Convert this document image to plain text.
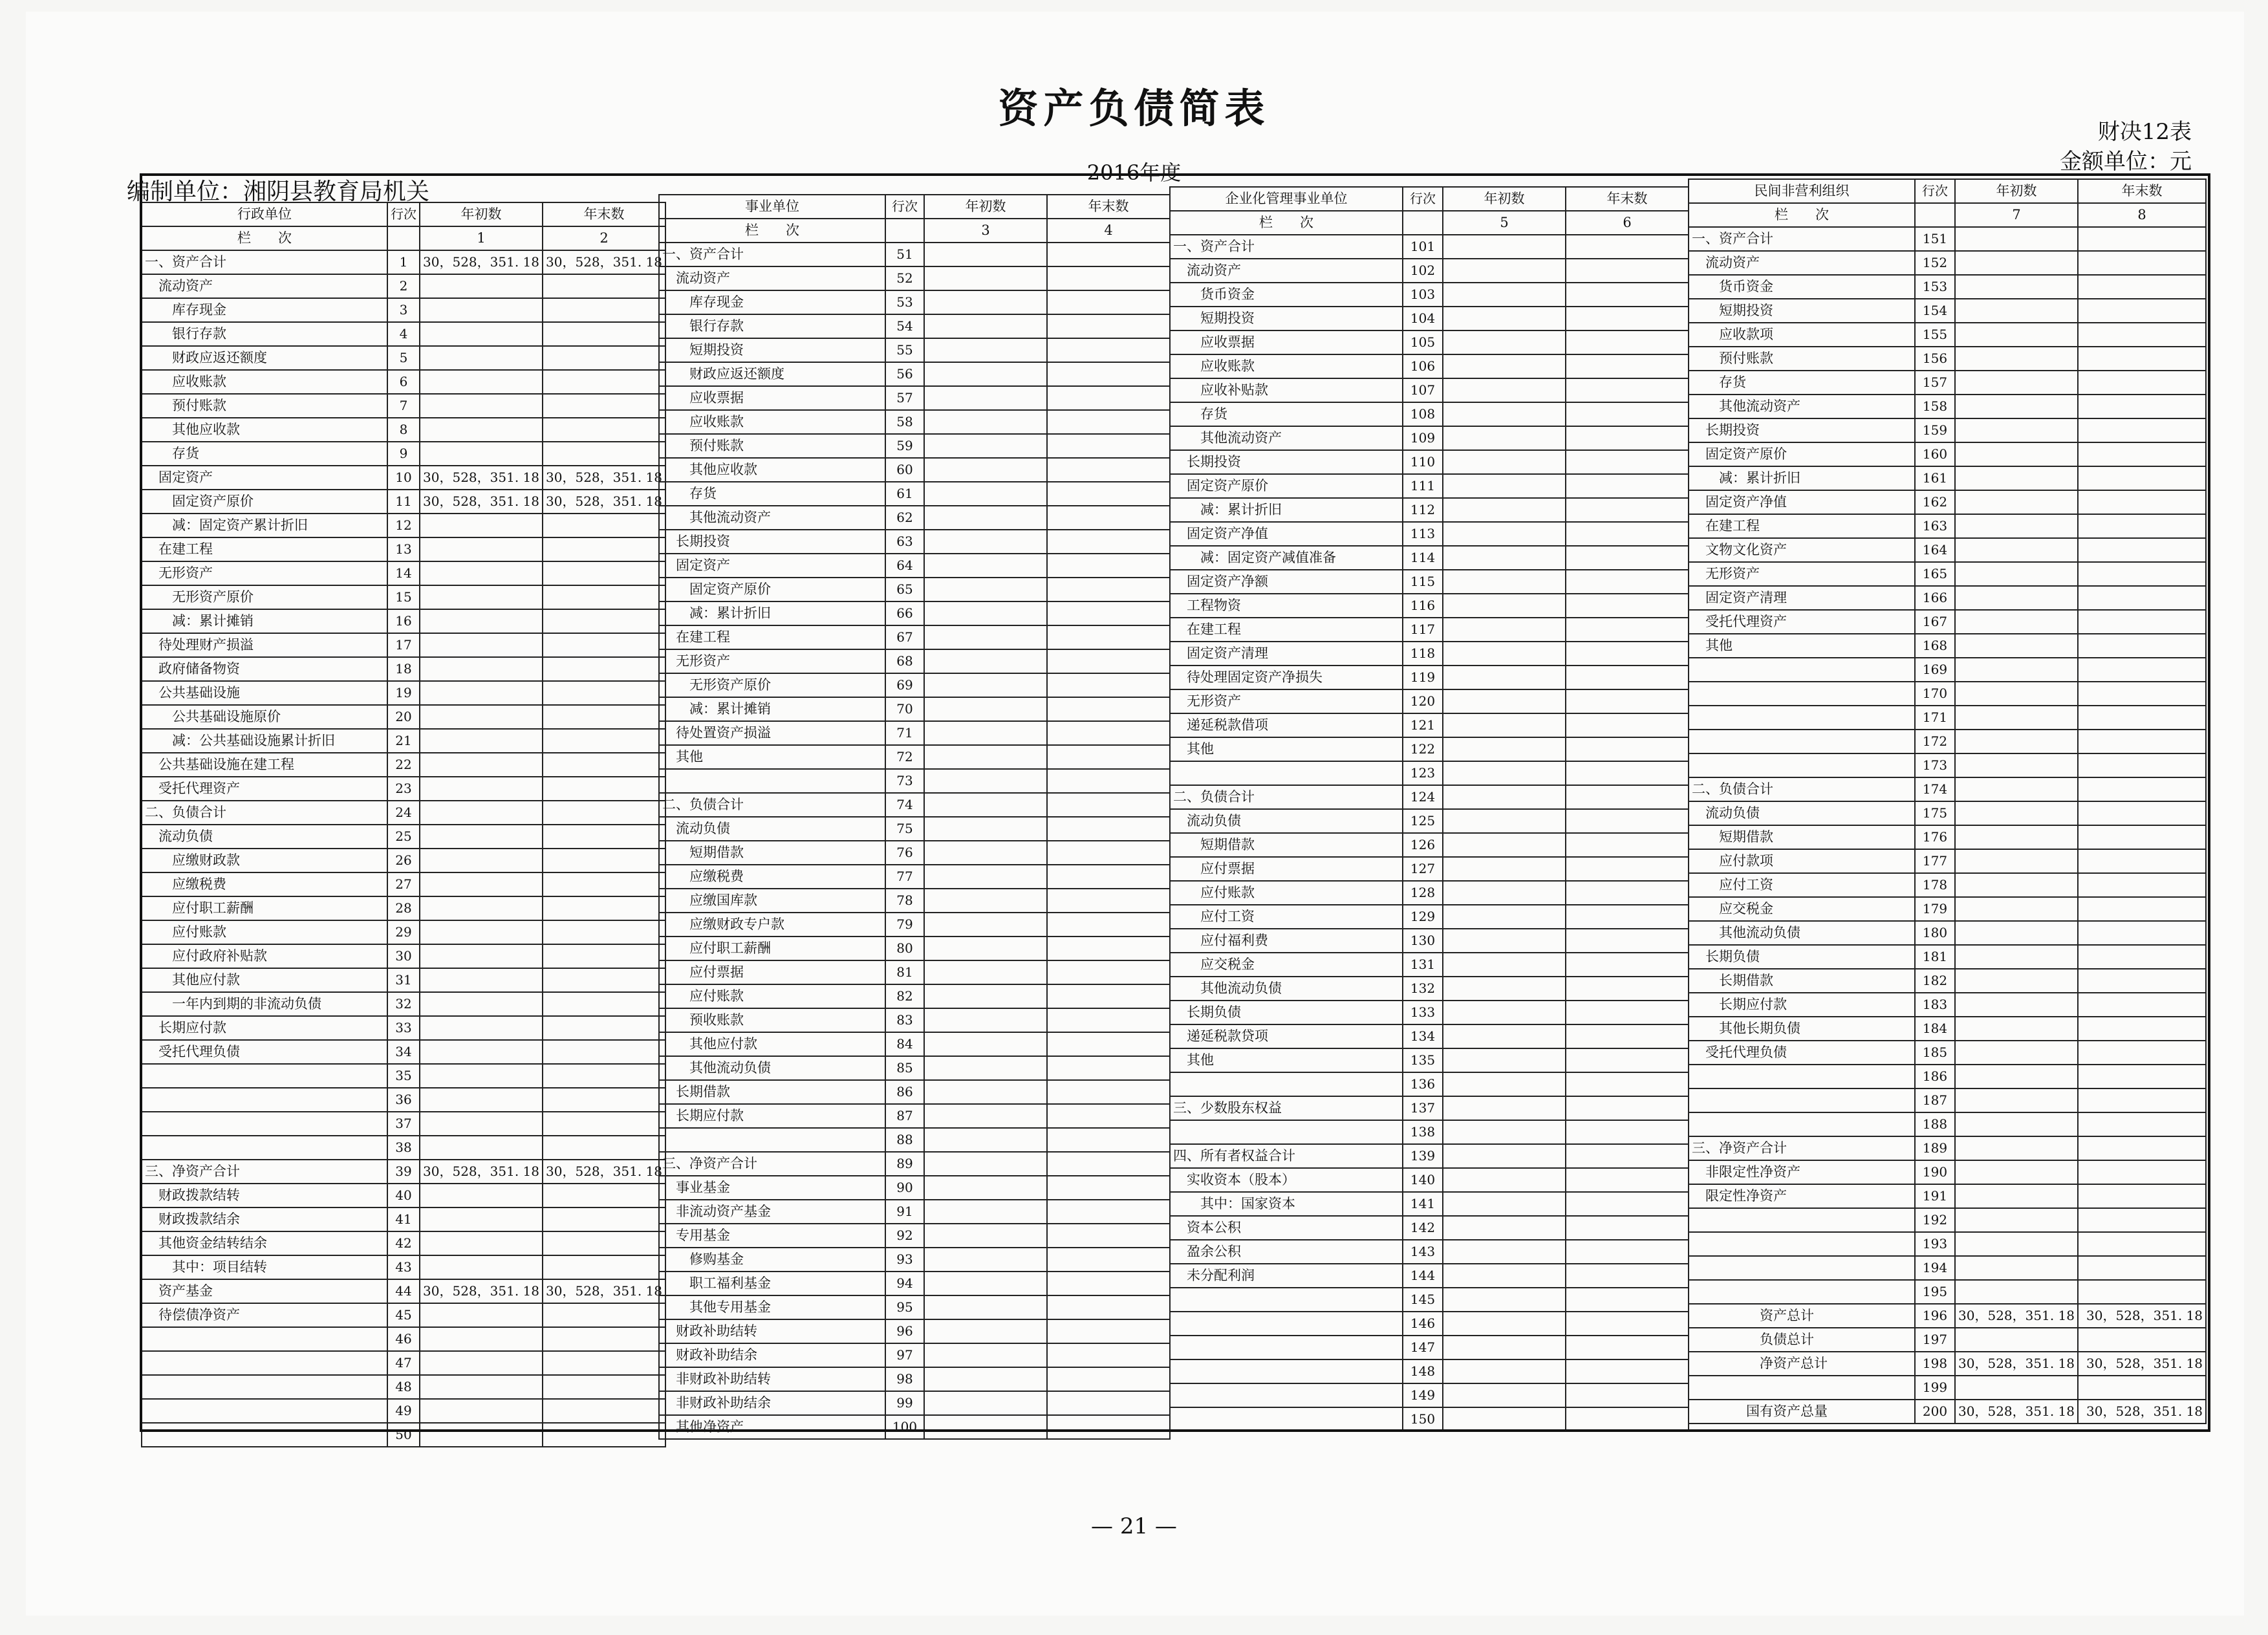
资产负债简表	财决12表
金额单位：元
2016年度
编制单位：湘阴县教育局机关
行政单位	行次	年初数	年末数
栏　　次		1	2
一、资产合计	1	30，528，351. 18	30，528，351. 18
　流动资产	2		
　　库存现金	3		
　　银行存款	4		
　　财政应返还额度	5		
　　应收账款	6		
　　预付账款	7		
　　其他应收款	8		
　　存货	9		
　固定资产	10	30，528，351. 18	30，528，351. 18
　　固定资产原价	11	30，528，351. 18	30，528，351. 18
　　减：固定资产累计折旧	12		
　在建工程	13		
　无形资产	14		
　　无形资产原价	15		
　　减：累计摊销	16		
　待处理财产损溢	17		
　政府储备物资	18		
　公共基础设施	19		
　　公共基础设施原价	20		
　　减：公共基础设施累计折旧	21		
　公共基础设施在建工程	22		
　受托代理资产	23		
二、负债合计	24		
　流动负债	25		
　　应缴财政款	26		
　　应缴税费	27		
　　应付职工薪酬	28		
　　应付账款	29		
　　应付政府补贴款	30		
　　其他应付款	31		
　　一年内到期的非流动负债	32		
　长期应付款	33		
　受托代理负债	34		
	35		
	36		
	37		
	38		
三、净资产合计	39	30，528，351. 18	30，528，351. 18
　财政拨款结转	40		
　财政拨款结余	41		
　其他资金结转结余	42		
　　其中：项目结转	43		
　资产基金	44	30，528，351. 18	30，528，351. 18
　待偿债净资产	45		
	46		
	47		
	48		
	49		
	50		
事业单位	行次	年初数	年末数
栏　　次		3	4
一、资产合计	51		
　流动资产	52		
　　库存现金	53		
　　银行存款	54		
　　短期投资	55		
　　财政应返还额度	56		
　　应收票据	57		
　　应收账款	58		
　　预付账款	59		
　　其他应收款	60		
　　存货	61		
　　其他流动资产	62		
　长期投资	63		
　固定资产	64		
　　固定资产原价	65		
　　减：累计折旧	66		
　在建工程	67		
　无形资产	68		
　　无形资产原价	69		
　　减：累计摊销	70		
　待处置资产损溢	71		
　其他	72		
	73		
二、负债合计	74		
　流动负债	75		
　　短期借款	76		
　　应缴税费	77		
　　应缴国库款	78		
　　应缴财政专户款	79		
　　应付职工薪酬	80		
　　应付票据	81		
　　应付账款	82		
　　预收账款	83		
　　其他应付款	84		
　　其他流动负债	85		
　长期借款	86		
　长期应付款	87		
	88		
三、净资产合计	89		
　事业基金	90		
　非流动资产基金	91		
　专用基金	92		
　　修购基金	93		
　　职工福利基金	94		
　　其他专用基金	95		
　财政补助结转	96		
　财政补助结余	97		
　非财政补助结转	98		
　非财政补助结余	99		
　其他净资产	100		
企业化管理事业单位	行次	年初数	年末数
栏　　次		5	6
一、资产合计	101		
　流动资产	102		
　　货币资金	103		
　　短期投资	104		
　　应收票据	105		
　　应收账款	106		
　　应收补贴款	107		
　　存货	108		
　　其他流动资产	109		
　长期投资	110		
　固定资产原价	111		
　　减：累计折旧	112		
　固定资产净值	113		
　　减：固定资产减值准备	114		
　固定资产净额	115		
　工程物资	116		
　在建工程	117		
　固定资产清理	118		
　待处理固定资产净损失	119		
　无形资产	120		
　递延税款借项	121		
　其他	122		
	123		
二、负债合计	124		
　流动负债	125		
　　短期借款	126		
　　应付票据	127		
　　应付账款	128		
　　应付工资	129		
　　应付福利费	130		
　　应交税金	131		
　　其他流动负债	132		
　长期负债	133		
　递延税款贷项	134		
　其他	135		
	136		
三、少数股东权益	137		
	138		
四、所有者权益合计	139		
　实收资本（股本）	140		
　　其中：国家资本	141		
　资本公积	142		
　盈余公积	143		
　未分配利润	144		
	145		
	146		
	147		
	148		
	149		
	150		
民间非营利组织	行次	年初数	年末数
栏　　次		7	8
一、资产合计	151		
　流动资产	152		
　　货币资金	153		
　　短期投资	154		
　　应收款项	155		
　　预付账款	156		
　　存货	157		
　　其他流动资产	158		
　长期投资	159		
　固定资产原价	160		
　　减：累计折旧	161		
　固定资产净值	162		
　在建工程	163		
　文物文化资产	164		
　无形资产	165		
　固定资产清理	166		
　受托代理资产	167		
　其他	168		
	169		
	170		
	171		
	172		
	173		
二、负债合计	174		
　流动负债	175		
　　短期借款	176		
　　应付款项	177		
　　应付工资	178		
　　应交税金	179		
　　其他流动负债	180		
　长期负债	181		
　　长期借款	182		
　　长期应付款	183		
　　其他长期负债	184		
　受托代理负债	185		
	186		
	187		
	188		
三、净资产合计	189		
　非限定性净资产	190		
　限定性净资产	191		
	192		
	193		
	194		
	195		
　　　　　资产总计	196	30，528，351. 18	30，528，351. 18
　　　　　负债总计	197		
　　　　　净资产总计	198	30，528，351. 18	30，528，351. 18
	199		
　　　　国有资产总量	200	30，528，351. 18	30，528，351. 18
— 21 —
